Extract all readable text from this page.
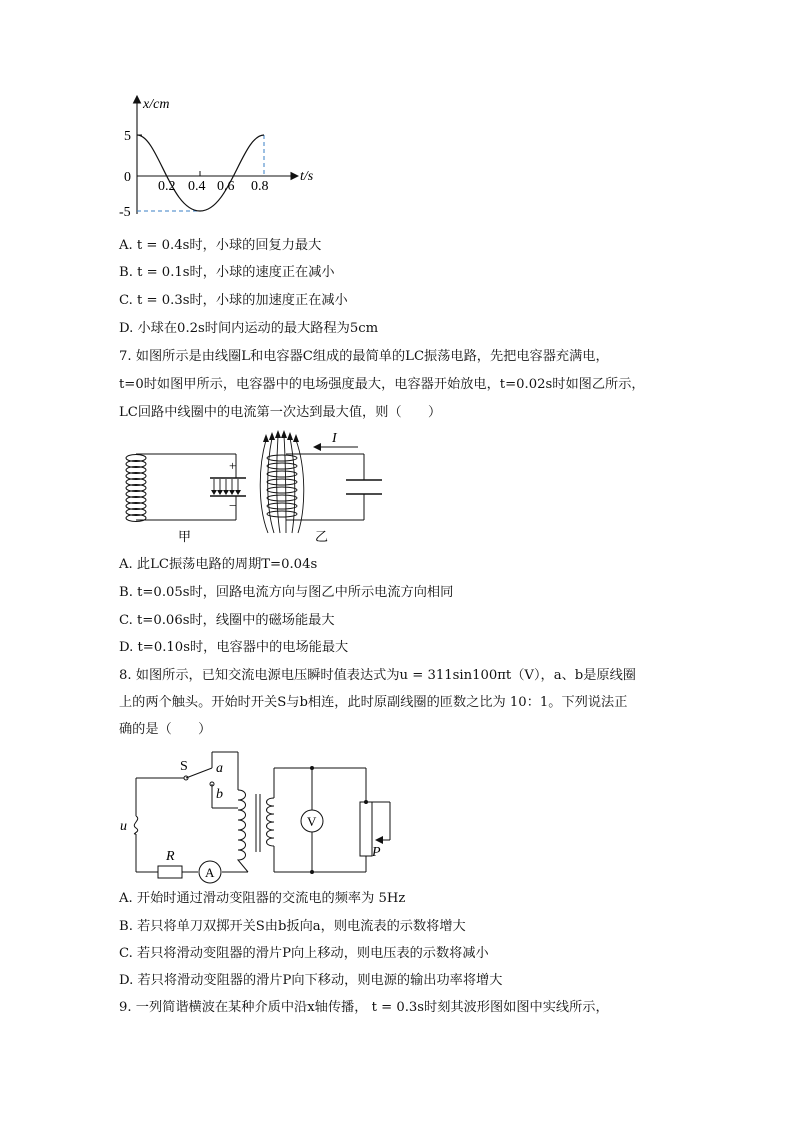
x/cm
t/s
5
0
-5
0.2 0.4 0.6 0.8
A. t = 0.4s时，小球的回复力最大
B. t = 0.1s时，小球的速度正在减小
C. t = 0.3s时，小球的加速度正在减小
D. 小球在0.2s时间内运动的最大路程为5cm
7. 如图所示是由线圈L和电容器C组成的最简单的LC振荡电路，先把电容器充满电，
t=0时如图甲所示，电容器中的电场强度最大，电容器开始放电，t=0.02s时如图乙所示，
LC回路中线圈中的电流第一次达到最大值，则（　　）
+
−
甲
I
乙
A. 此LC振荡电路的周期T=0.04s
B. t=0.05s时，回路电流方向与图乙中所示电流方向相同
C. t=0.06s时，线圈中的磁场能最大
D. t=0.10s时，电容器中的电场能最大
8. 如图所示，已知交流电源电压瞬时值表达式为u = 311sin100πt（V），a、b是原线圈
上的两个触头。开始时开关S与b相连，此时原副线圈的匝数之比为 10：1。下列说法正
确的是（　　）
u
R
A
S a
b
V
P
A. 开始时通过滑动变阻器的交流电的频率为 5Hz
B. 若只将单刀双掷开关S由b扳向a，则电流表的示数将增大
C. 若只将滑动变阻器的滑片P向上移动，则电压表的示数将减小
D. 若只将滑动变阻器的滑片P向下移动，则电源的输出功率将增大
9. 一列简谐横波在某种介质中沿x轴传播， t = 0.3s时刻其波形图如图中实线所示，
